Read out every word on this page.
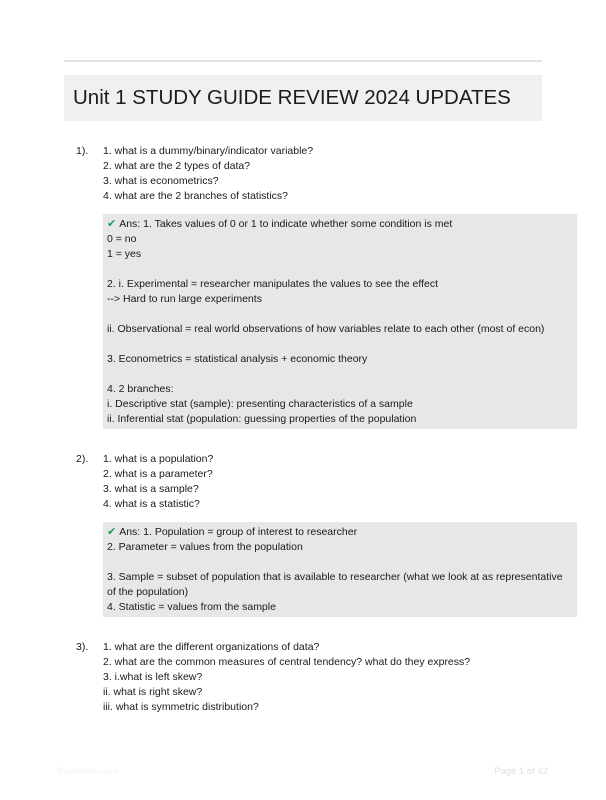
Unit 1 STUDY GUIDE REVIEW 2024 UPDATES
1). 1. what is a dummy/binary/indicator variable?
2. what are the 2 types of data?
3. what is econometrics?
4. what are the 2 branches of statistics?
✔ Ans: 1. Takes values of 0 or 1 to indicate whether some condition is met
0 = no
1 = yes
2. i. Experimental = researcher manipulates the values to see the effect
--> Hard to run large experiments
ii. Observational = real world observations of how variables relate to each other (most of econ)
3. Econometrics = statistical analysis + economic theory
4. 2 branches:
i. Descriptive stat (sample): presenting characteristics of a sample
ii. Inferential stat (population: guessing properties of the population
2). 1. what is a population?
2. what is a parameter?
3. what is a sample?
4. what is a statistic?
✔ Ans: 1. Population = group of interest to researcher
2. Parameter = values from the population
3. Sample = subset of population that is available to researcher (what we look at as representative of the population)
4. Statistic = values from the sample
3). 1. what are the different organizations of data?
2. what are the common measures of central tendency? what do they express?
3. i.what is left skew?
ii. what is right skew?
iii. what is symmetric distribution?
Papersbe.com	Page 1 of 42
